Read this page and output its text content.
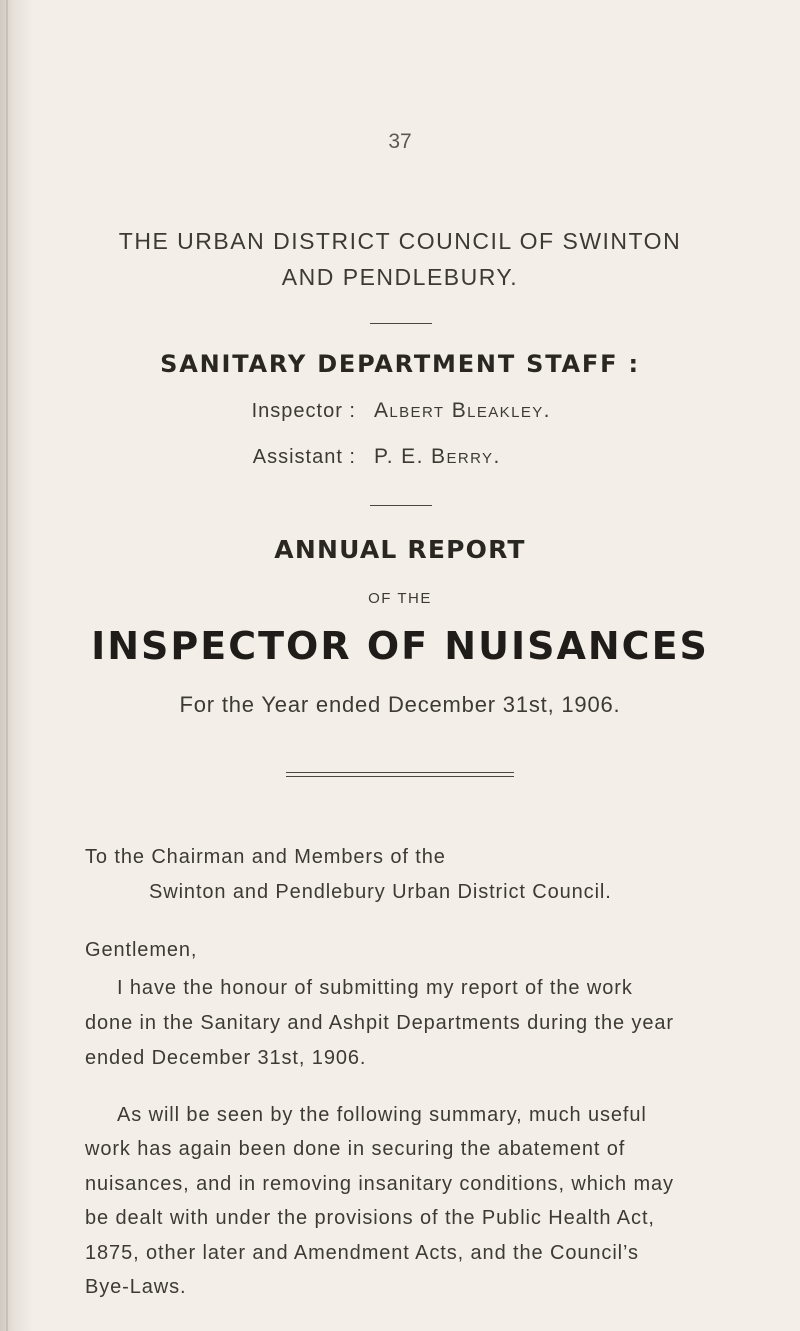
37
THE URBAN DISTRICT COUNCIL OF SWINTON
AND PENDLEBURY.
SANITARY DEPARTMENT STAFF :
Inspector : Albert Bleakley.
Assistant : P. E. Berry.
ANNUAL REPORT
OF THE
INSPECTOR OF NUISANCES
For the Year ended December 31st, 1906.
To the Chairman and Members of the
Swinton and Pendlebury Urban District Council.
Gentlemen,
I have the honour of submitting my report of the work
done in the Sanitary and Ashpit Departments during the year
ended December 31st, 1906.
As will be seen by the following summary, much useful
work has again been done in securing the abatement of
nuisances, and in removing insanitary conditions, which may
be dealt with under the provisions of the Public Health Act,
1875, other later and Amendment Acts, and the Council’s
Bye-Laws.
